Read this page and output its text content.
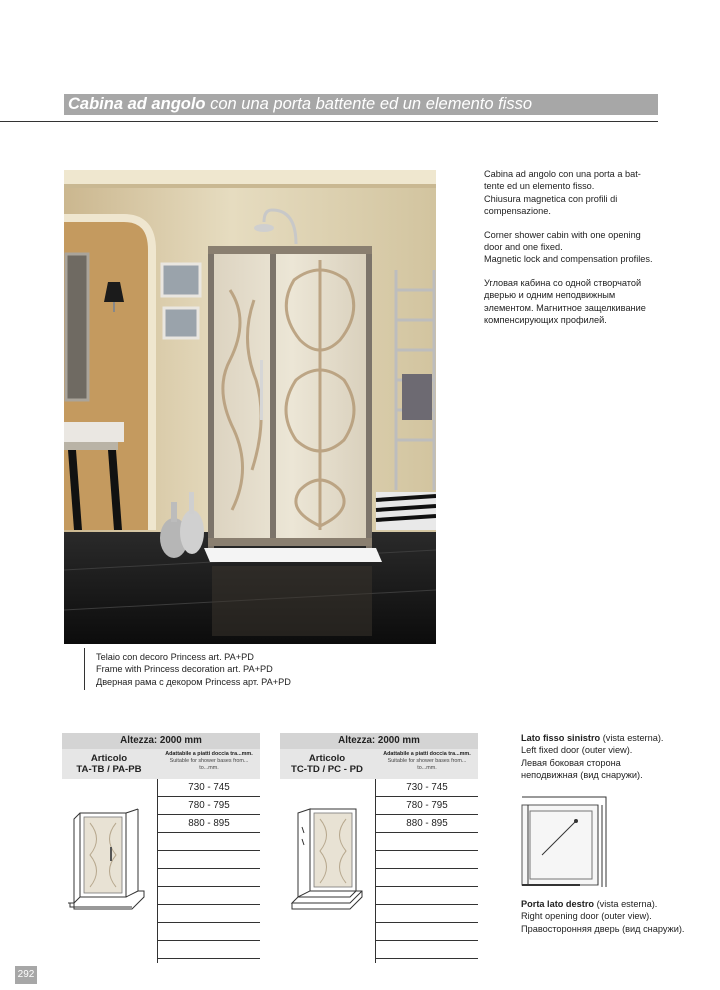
Cabina ad angolo con una porta battente ed un elemento fisso

Cabina ad angolo con una porta a bat-
tente ed un elemento fisso.
Chiusura magnetica con profili di
compensazione.

Corner shower cabin with one opening
door and one fixed.
Magnetic lock and compensation profiles.

Угловая кабина со одной створчатой
дверью и одним неподвижным
элементом. Магнитное защелкивание
компенсирующих профилей.

Telaio con decoro Princess art. PA+PD
Frame with Princess decoration art. PA+PD
Дверная рама с декором Princess арт. PA+PD
Altezza: 2000 mm
Articolo
TA-TB / PA-PB
Adattabile a piatti doccia tra...mm.
Suitable for shower bases from...
to...mm.
730 - 745
780 - 795
880 - 895
Altezza: 2000 mm
Articolo
TC-TD / PC - PD
Adattabile a piatti doccia tra...mm.
Suitable for shower bases from...
to...mm.
730 - 745
780 - 795
880 - 895
Lato fisso sinistro (vista esterna).
Left fixed door (outer view).
Левая боковая сторона
неподвижная (вид снаружи).
Porta lato destro (vista esterna).
Right opening door (outer view).
Правосторонняя дверь (вид снаружи).
292
